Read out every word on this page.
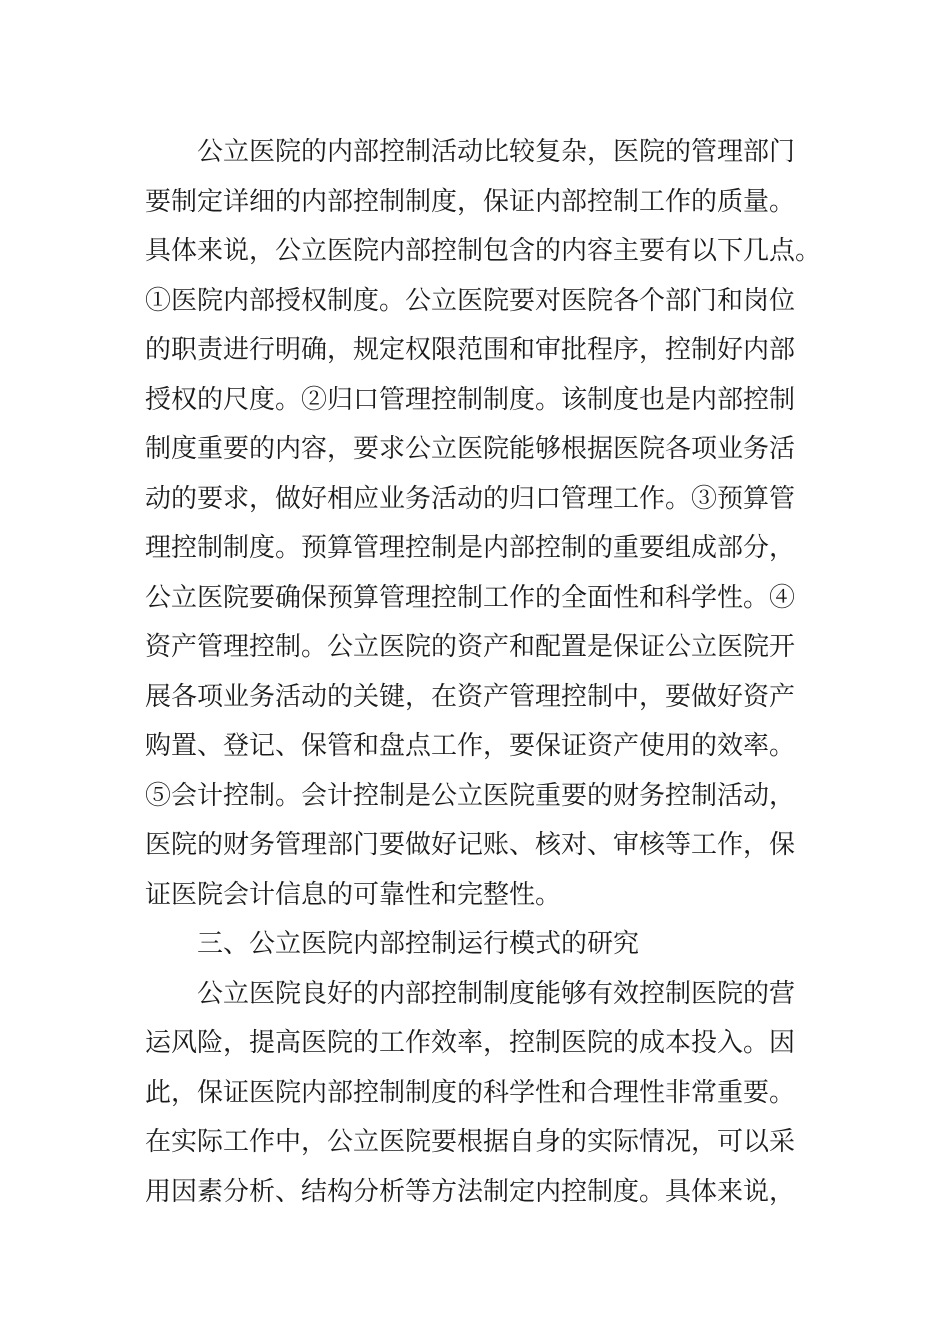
公立医院的内部控制活动比较复杂，医院的管理部门
要制定详细的内部控制制度，保证内部控制工作的质量。
具体来说，公立医院内部控制包含的内容主要有以下几点。
①医院内部授权制度。公立医院要对医院各个部门和岗位
的职责进行明确，规定权限范围和审批程序，控制好内部
授权的尺度。②归口管理控制制度。该制度也是内部控制
制度重要的内容，要求公立医院能够根据医院各项业务活
动的要求，做好相应业务活动的归口管理工作。③预算管
理控制制度。预算管理控制是内部控制的重要组成部分，
公立医院要确保预算管理控制工作的全面性和科学性。④
资产管理控制。公立医院的资产和配置是保证公立医院开
展各项业务活动的关键，在资产管理控制中，要做好资产
购置、登记、保管和盘点工作，要保证资产使用的效率。
⑤会计控制。会计控制是公立医院重要的财务控制活动，
医院的财务管理部门要做好记账、核对、审核等工作，保
证医院会计信息的可靠性和完整性。
三、公立医院内部控制运行模式的研究
公立医院良好的内部控制制度能够有效控制医院的营
运风险，提高医院的工作效率，控制医院的成本投入。因
此，保证医院内部控制制度的科学性和合理性非常重要。
在实际工作中，公立医院要根据自身的实际情况，可以采
用因素分析、结构分析等方法制定内控制度。具体来说，
